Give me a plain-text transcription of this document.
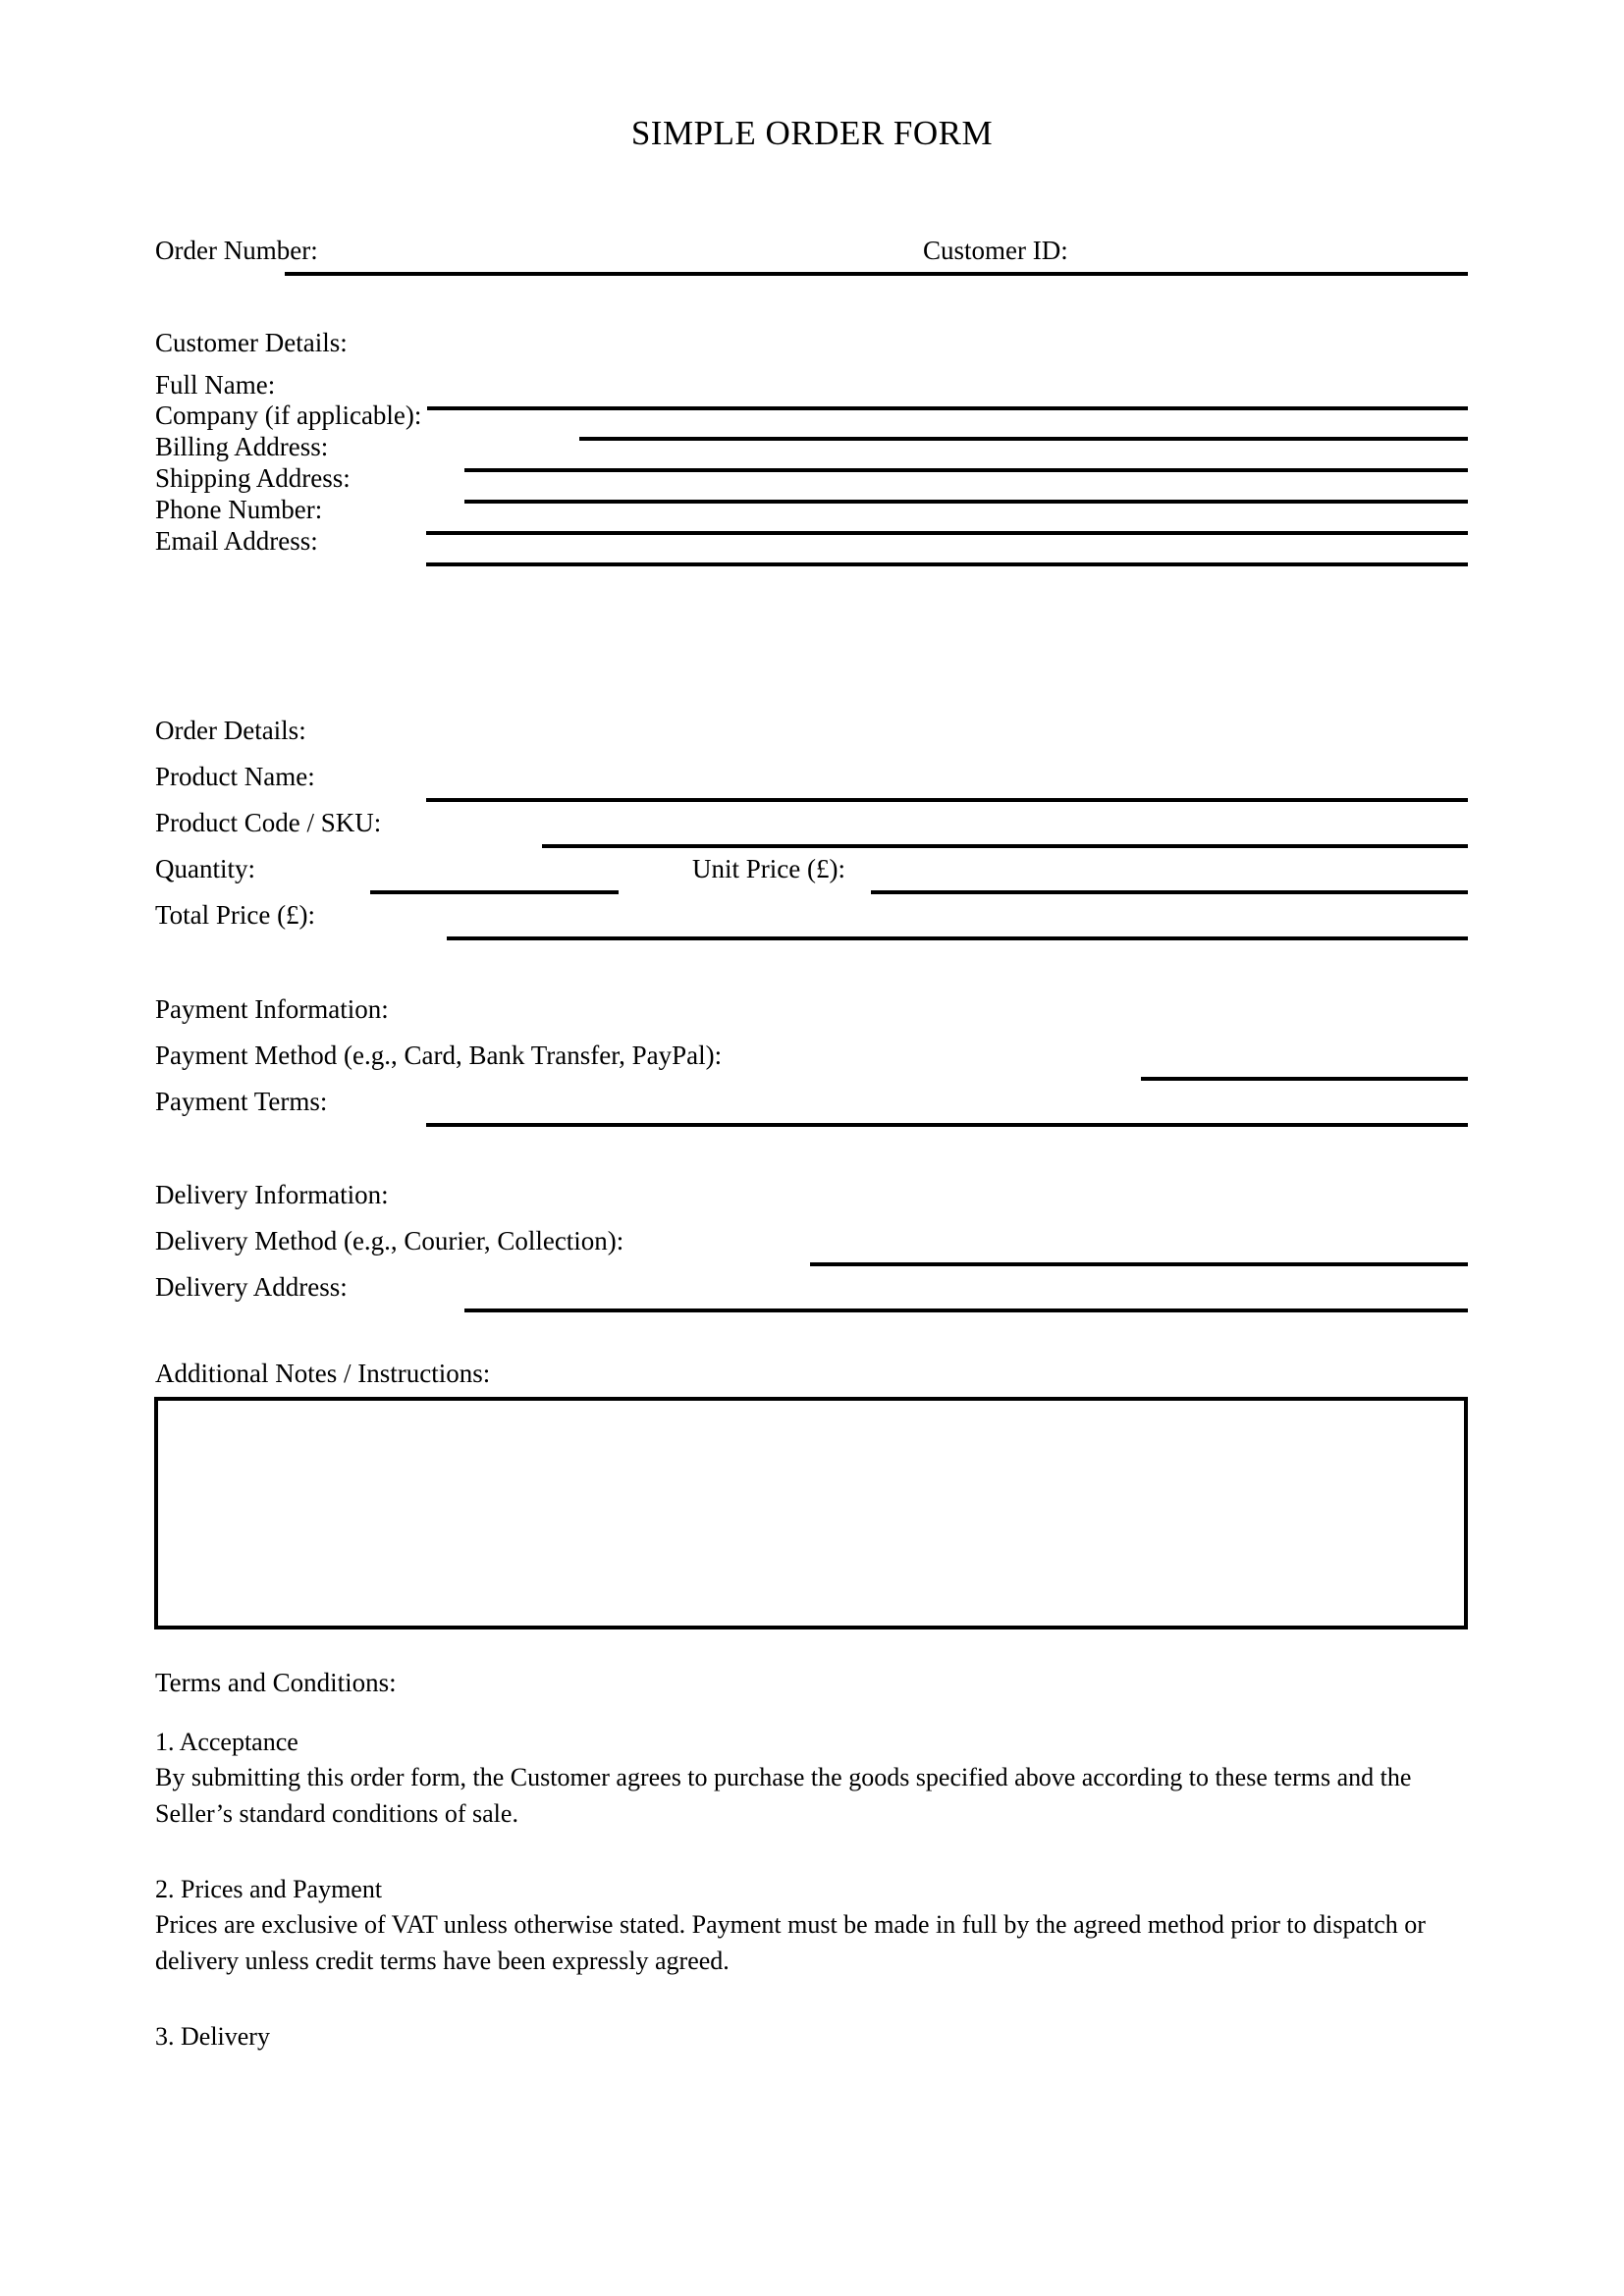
SIMPLE ORDER FORM
Order Number:	Customer ID:
Customer Details:
Full Name:
Company (if applicable):
Billing Address:
Shipping Address:
Phone Number:
Email Address:
Order Details:
Product Name:
Product Code / SKU:
Quantity:	Unit Price (£):
Total Price (£):
Payment Information:
Payment Method (e.g., Card, Bank Transfer, PayPal):
Payment Terms:
Delivery Information:
Delivery Method (e.g., Courier, Collection):
Delivery Address:
Additional Notes / Instructions:
Terms and Conditions:
1. Acceptance
By submitting this order form, the Customer agrees to purchase the goods specified above according to these terms and the Seller’s standard conditions of sale.
2. Prices and Payment
Prices are exclusive of VAT unless otherwise stated. Payment must be made in full by the agreed method prior to dispatch or delivery unless credit terms have been expressly agreed.
3. Delivery
